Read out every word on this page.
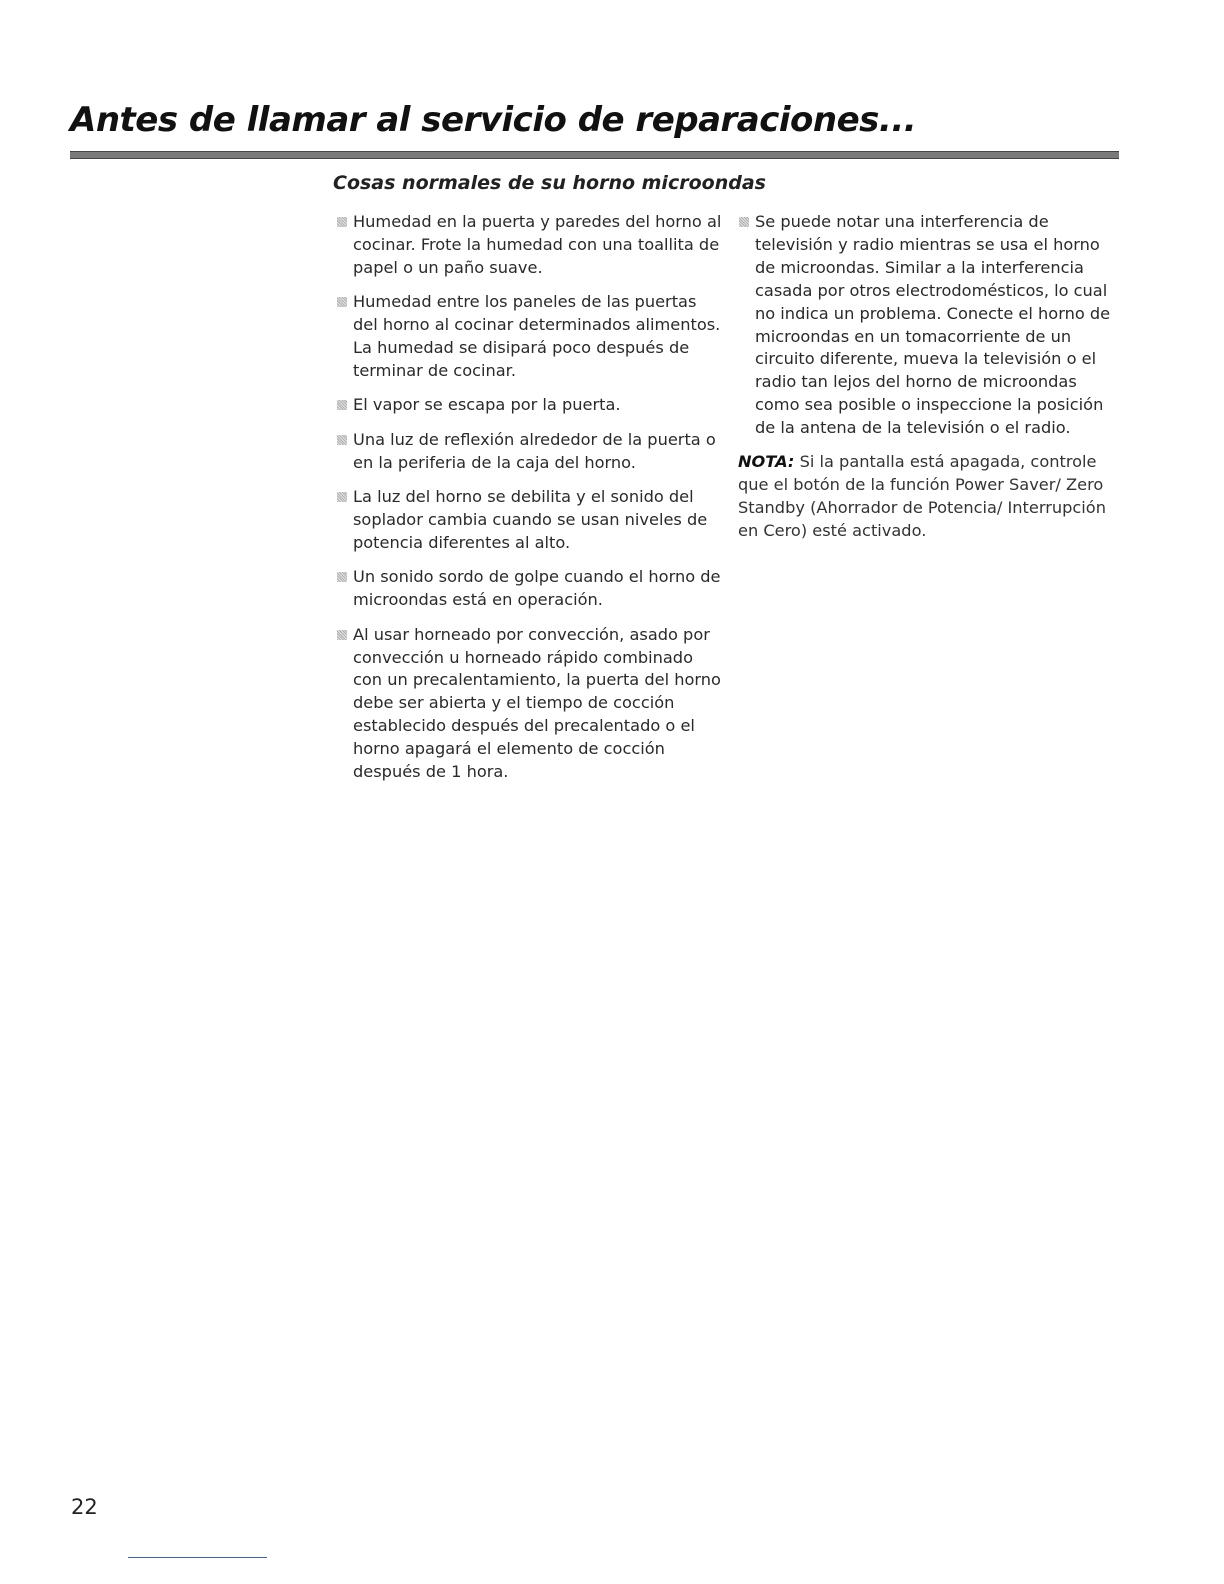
Antes de llamar al servicio de reparaciones...
Cosas normales de su horno microondas
Humedad en la puerta y paredes del horno al cocinar. Frote la humedad con una toallita de papel o un paño suave.
Humedad entre los paneles de las puertas del horno al cocinar determinados alimentos. La humedad se disipará poco después de terminar de cocinar.
El vapor se escapa por la puerta.
Una luz de reflexión alrededor de la puerta o en la periferia de la caja del horno.
La luz del horno se debilita y el sonido del soplador cambia cuando se usan niveles de potencia diferentes al alto.
Un sonido sordo de golpe cuando el horno de microondas está en operación.
Al usar horneado por convección, asado por convección u horneado rápido combinado con un precalentamiento, la puerta del horno debe ser abierta y el tiempo de cocción establecido después del precalentado o el horno apagará el elemento de cocción después de 1 hora.
Se puede notar una interferencia de televisión y radio mientras se usa el horno de microondas. Similar a la interferencia casada por otros electrodomésticos, lo cual no indica un problema. Conecte el horno de microondas en un tomacorriente de un circuito diferente, mueva la televisión o el radio tan lejos del horno de microondas como sea posible o inspeccione la posición de la antena de la televisión o el radio.

NOTA: Si la pantalla está apagada, controle que el botón de la función Power Saver/ Zero Standby (Ahorrador de Potencia/ Interrupción en Cero) esté activado.

22
